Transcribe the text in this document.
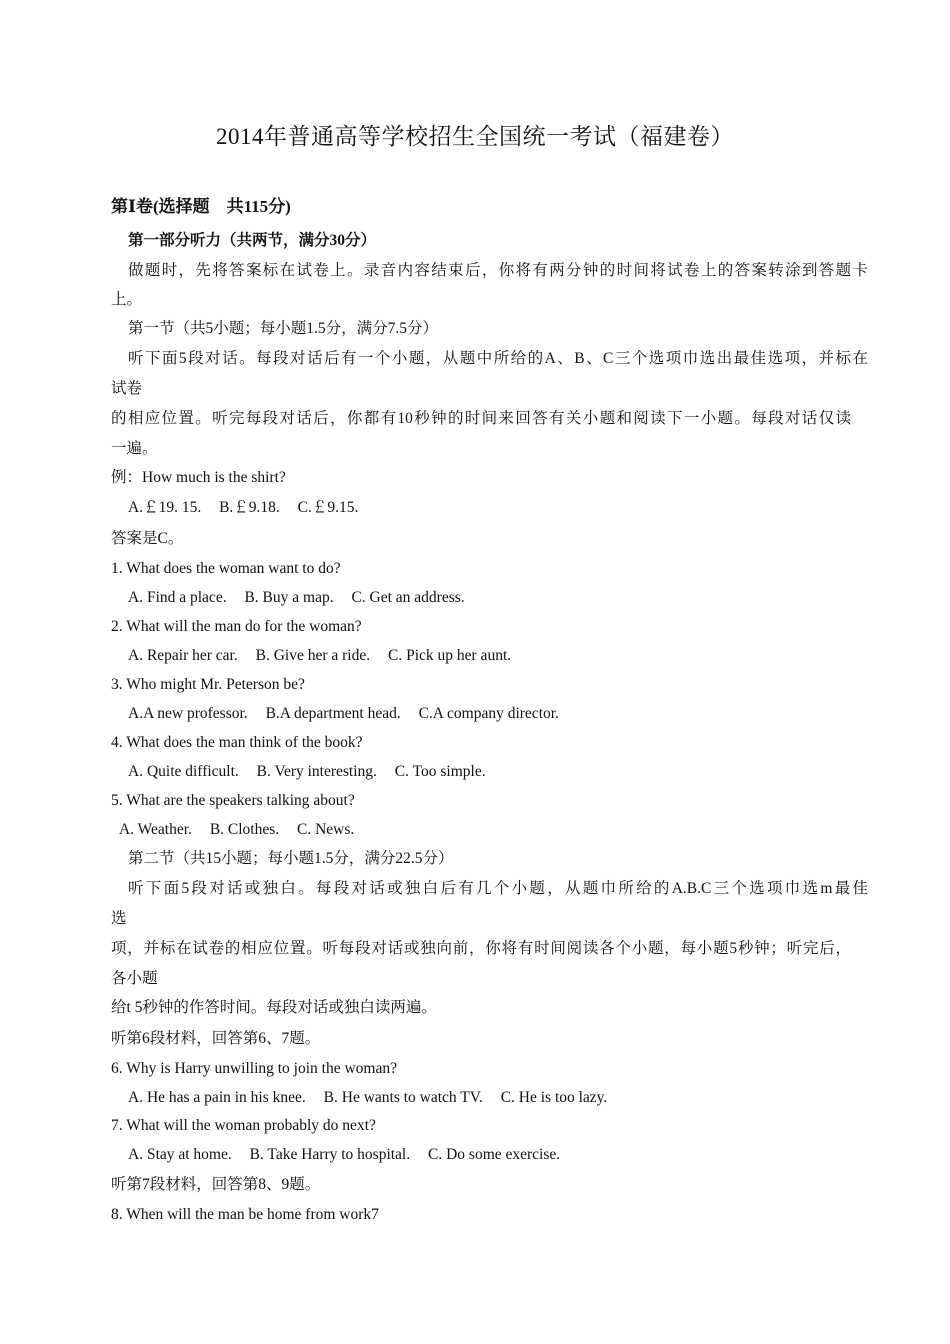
2014年普通高等学校招生全国统一考试（福建卷）
第Ⅰ卷(选择题　共115分)
第一部分听力（共两节，满分30分）
做题时，先将答案标在试卷上。录音内容结束后，你将有两分钟的时间将试卷上的答案转涂到答题卡
上。
第一节（共5小题；每小题1.5分，满分7.5分）
听下面5段对话。每段对话后有一个小题，从题中所给的A、B、C三个选项巾选出最佳选项，并标在
试卷
的相应位置。听完每段对话后，你都有10秒钟的时间来回答有关小题和阅读下一小题。每段对话仅读
一遍。
例：How much is the shirt?
A.￡19. 15. B.￡9.18. C.￡9.15.
答案是C。
1. What does the woman want to do?
A. Find a place. B. Buy a map. C. Get an address.
2. What will the man do for the woman?
A. Repair her car. B. Give her a ride. C. Pick up her aunt.
3. Who might Mr. Peterson be?
A.A new professor. B.A department head. C.A company director.
4. What does the man think of the book?
A. Quite difficult. B. Very interesting. C. Too simple.
5. What are the speakers talking about?
A. Weather. B. Clothes. C. News.
第二节（共15小题；每小题1.5分，满分22.5分）
听下面5段对话或独白。每段对话或独白后有几个小题，从题巾所给的A.B.C三个选项巾选m最佳
选
项，并标在试卷的相应位置。听每段对话或独向前，你将有时间阅读各个小题，每小题5秒钟；听完后，
各小题
给t 5秒钟的作答时间。每段对话或独白读两遍。
听第6段材料，回答第6、7题。
6. Why is Harry unwilling to join the woman?
A. He has a pain in his knee. B. He wants to watch TV. C. He is too lazy.
7. What will the woman probably do next?
A. Stay at home. B. Take Harry to hospital. C. Do some exercise.
听第7段材料，回答第8、9题。
8. When will the man be home from work7
